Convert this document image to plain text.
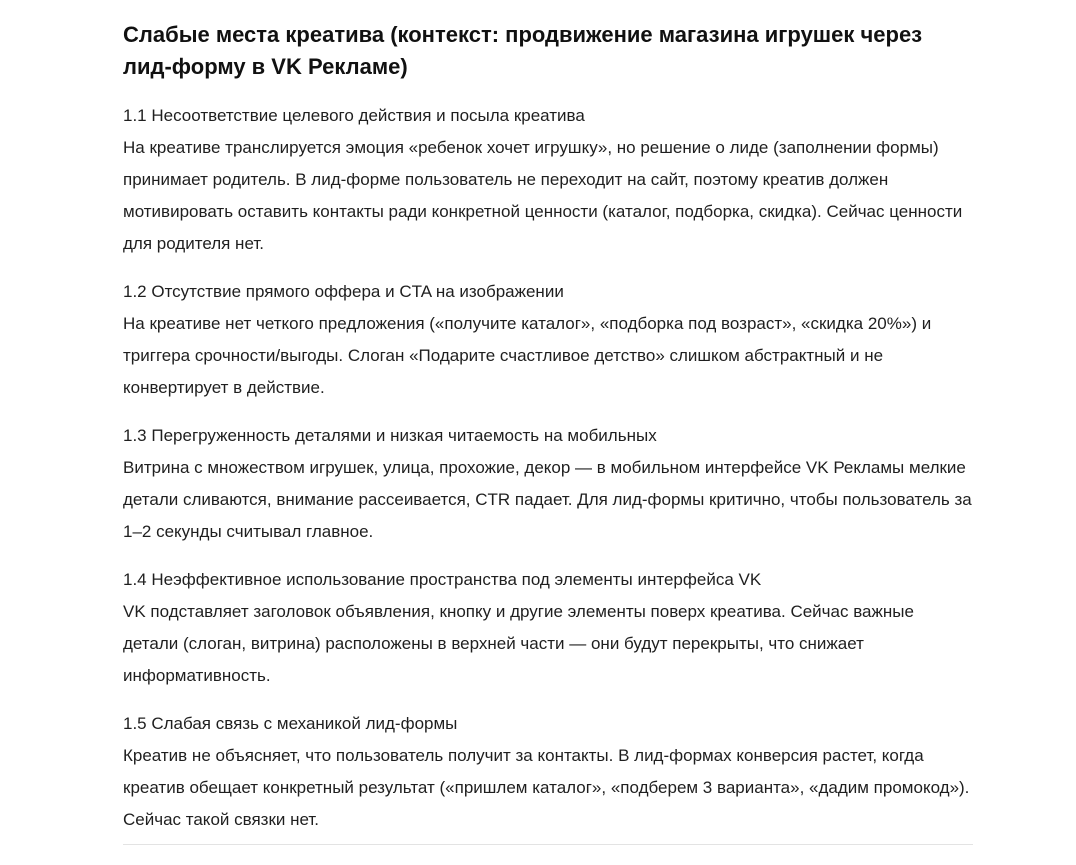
Слабые места креатива (контекст: продвижение магазина игрушек через лид-форму в VK Рекламе)

1.1 Несоответствие целевого действия и посыла креатива

На креативе транслируется эмоция «ребенок хочет игрушку», но решение о лиде (заполнении формы) принимает родитель. В лид-форме пользователь не переходит на сайт, поэтому креатив должен мотивировать оставить контакты ради конкретной ценности (каталог, подборка, скидка). Сейчас ценности для родителя нет.

1.2 Отсутствие прямого оффера и CTA на изображении

На креативе нет четкого предложения («получите каталог», «подборка под возраст», «скидка 20%») и триггера срочности/выгоды. Слоган «Подарите счастливое детство» слишком абстрактный и не конвертирует в действие.

1.3 Перегруженность деталями и низкая читаемость на мобильных

Витрина с множеством игрушек, улица, прохожие, декор — в мобильном интерфейсе VK Рекламы мелкие детали сливаются, внимание рассеивается, CTR падает. Для лид-формы критично, чтобы пользователь за 1–2 секунды считывал главное.

1.4 Неэффективное использование пространства под элементы интерфейса VK

VK подставляет заголовок объявления, кнопку и другие элементы поверх креатива. Сейчас важные детали (слоган, витрина) расположены в верхней части — они будут перекрыты, что снижает информативность.

1.5 Слабая связь с механикой лид-формы

Креатив не объясняет, что пользователь получит за контакты. В лид-формах конверсия растет, когда креатив обещает конкретный результат («пришлем каталог», «подберем 3 варианта», «дадим промокод»). Сейчас такой связки нет.
